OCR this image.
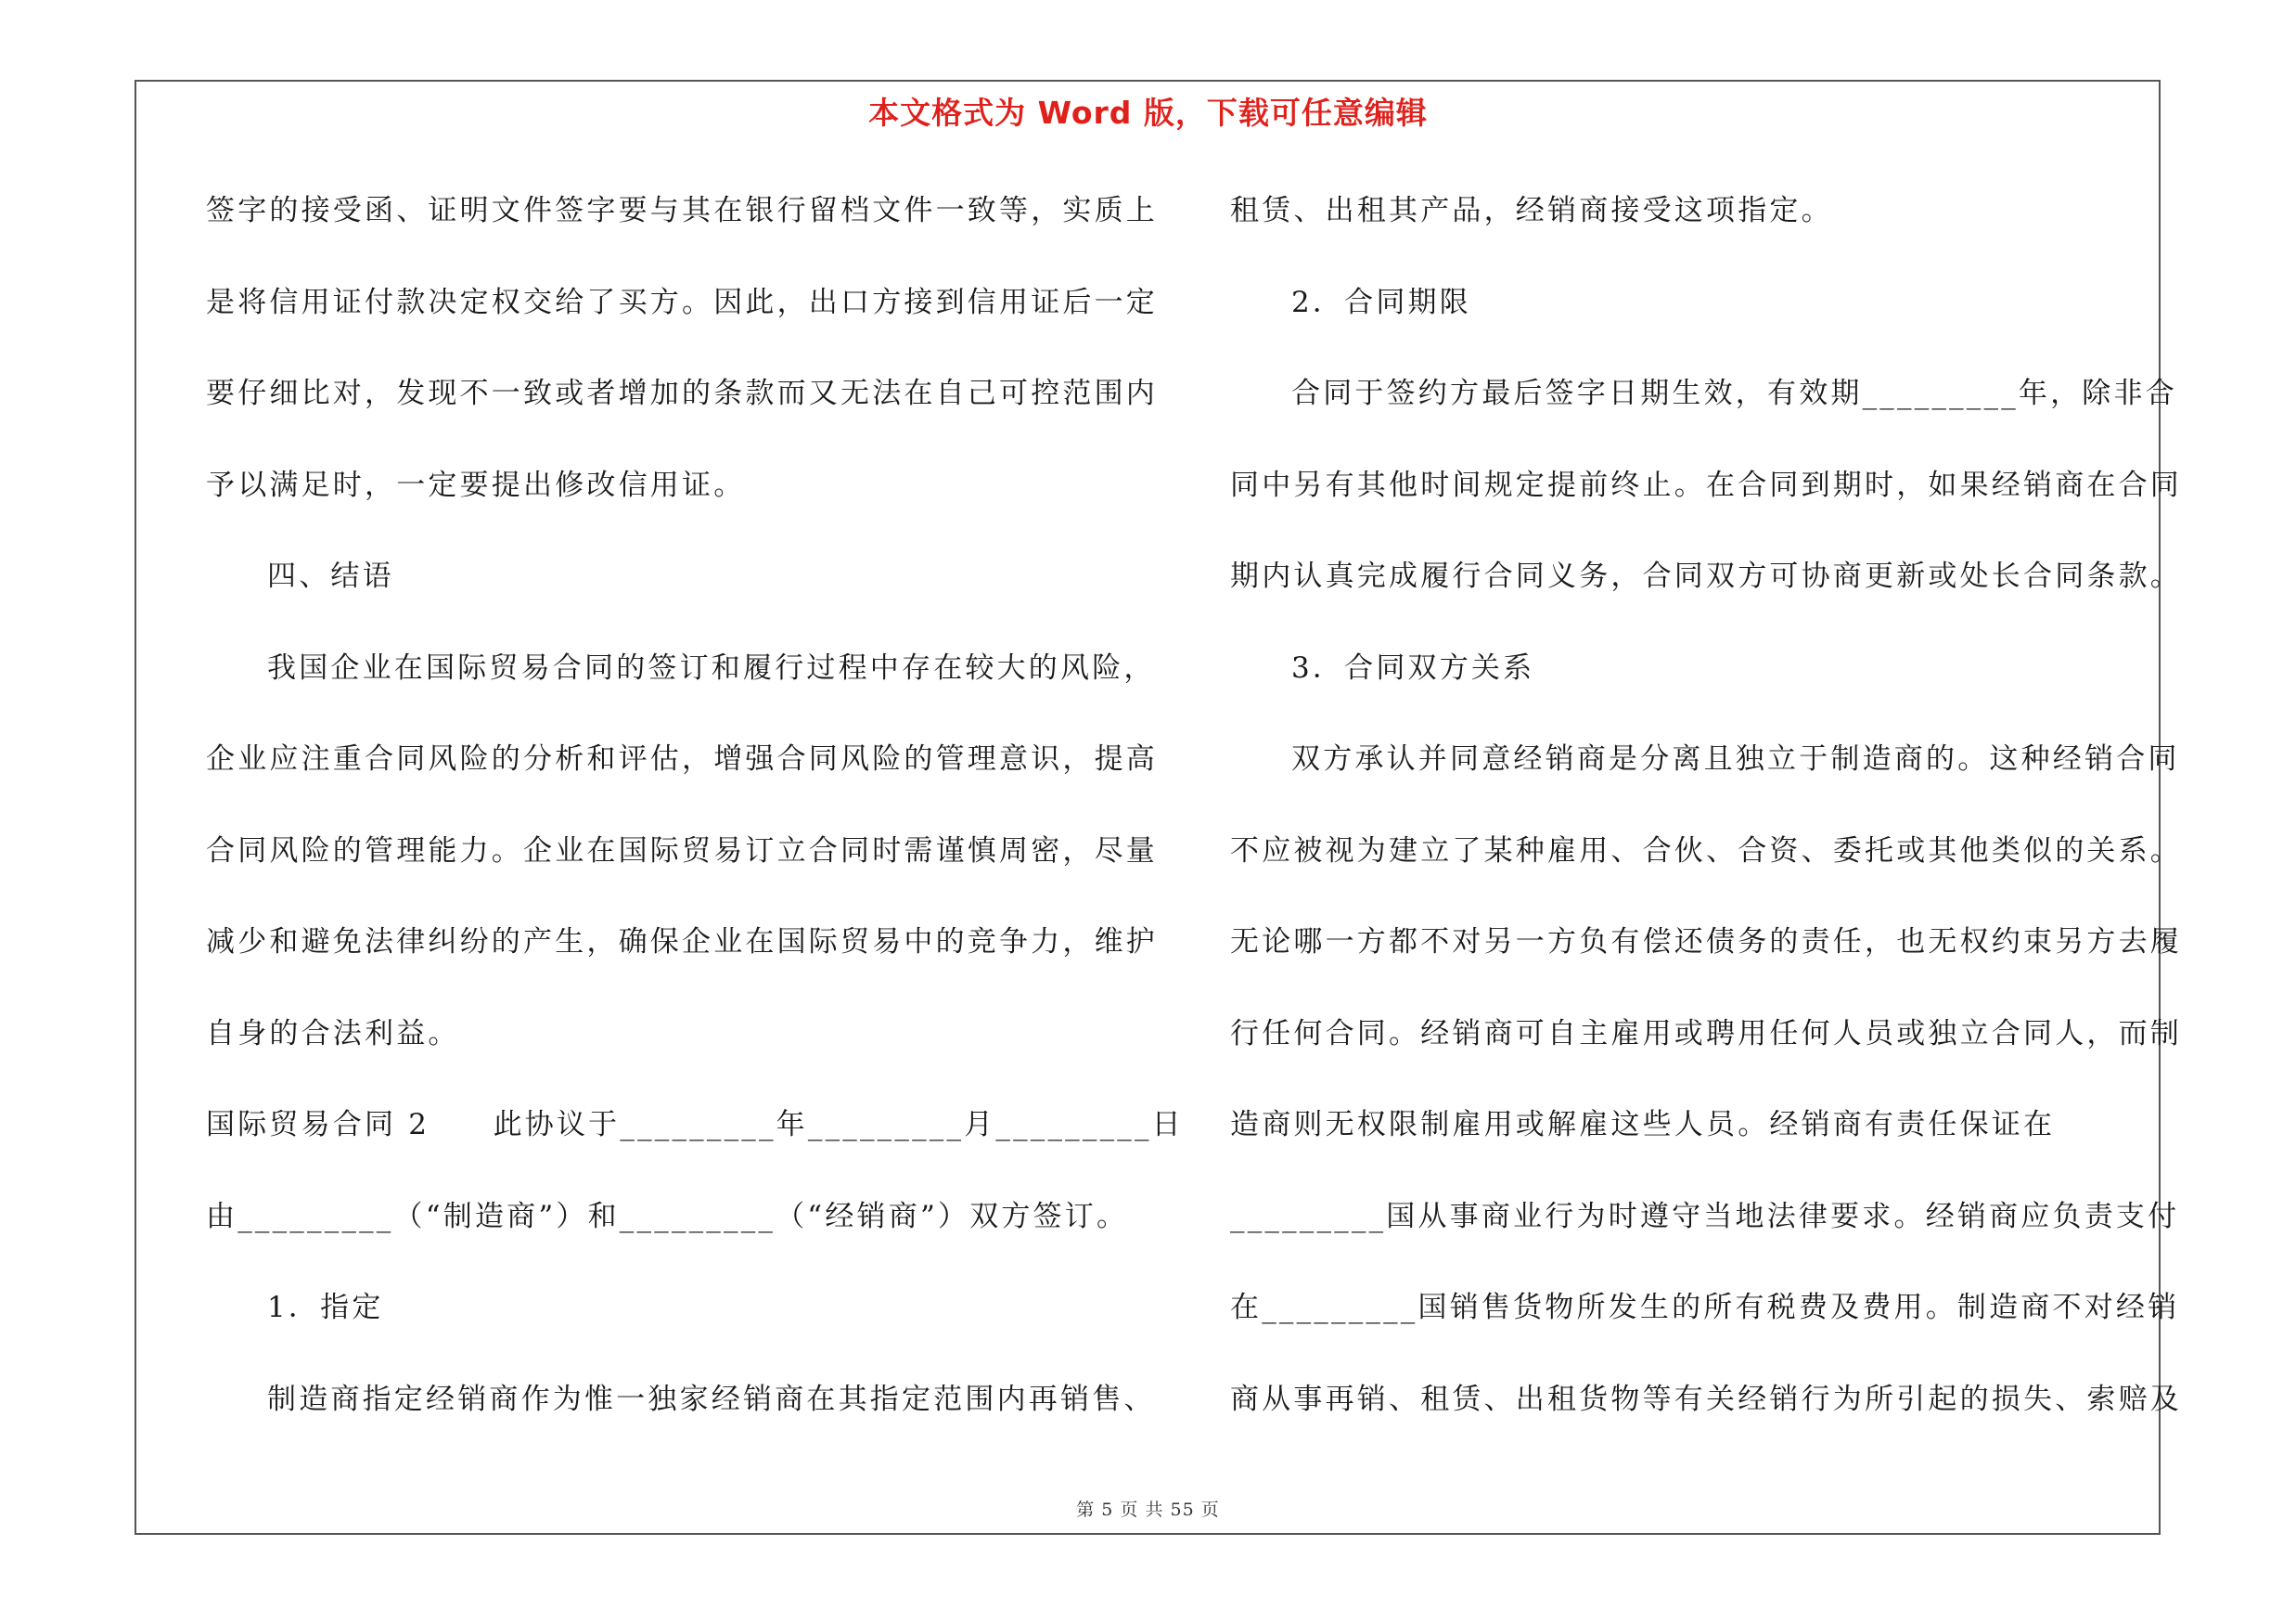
本文格式为 Word 版，下载可任意编辑
签字的接受函、证明文件签字要与其在银行留档文件一致等，实质上
是将信用证付款决定权交给了买方。因此，出口方接到信用证后一定
要仔细比对，发现不一致或者增加的条款而又无法在自己可控范围内
予以满足时，一定要提出修改信用证。
四、结语
我国企业在国际贸易合同的签订和履行过程中存在较大的风险，
企业应注重合同风险的分析和评估，增强合同风险的管理意识，提高
合同风险的管理能力。企业在国际贸易订立合同时需谨慎周密，尽量
减少和避免法律纠纷的产生，确保企业在国际贸易中的竞争力，维护
自身的合法利益。
国际贸易合同 2　　此协议于_________年_________月_________日
由_________（“制造商”）和_________（“经销商”）双方签订。
1．指定
制造商指定经销商作为惟一独家经销商在其指定范围内再销售、
租赁、出租其产品，经销商接受这项指定。
2．合同期限
合同于签约方最后签字日期生效，有效期_________年，除非合
同中另有其他时间规定提前终止。在合同到期时，如果经销商在合同
期内认真完成履行合同义务，合同双方可协商更新或处长合同条款。
3．合同双方关系
双方承认并同意经销商是分离且独立于制造商的。这种经销合同
不应被视为建立了某种雇用、合伙、合资、委托或其他类似的关系。
无论哪一方都不对另一方负有偿还债务的责任，也无权约束另方去履
行任何合同。经销商可自主雇用或聘用任何人员或独立合同人，而制
造商则无权限制雇用或解雇这些人员。经销商有责任保证在
_________国从事商业行为时遵守当地法律要求。经销商应负责支付
在_________国销售货物所发生的所有税费及费用。制造商不对经销
商从事再销、租赁、出租货物等有关经销行为所引起的损失、索赔及
第 5 页 共 55 页
